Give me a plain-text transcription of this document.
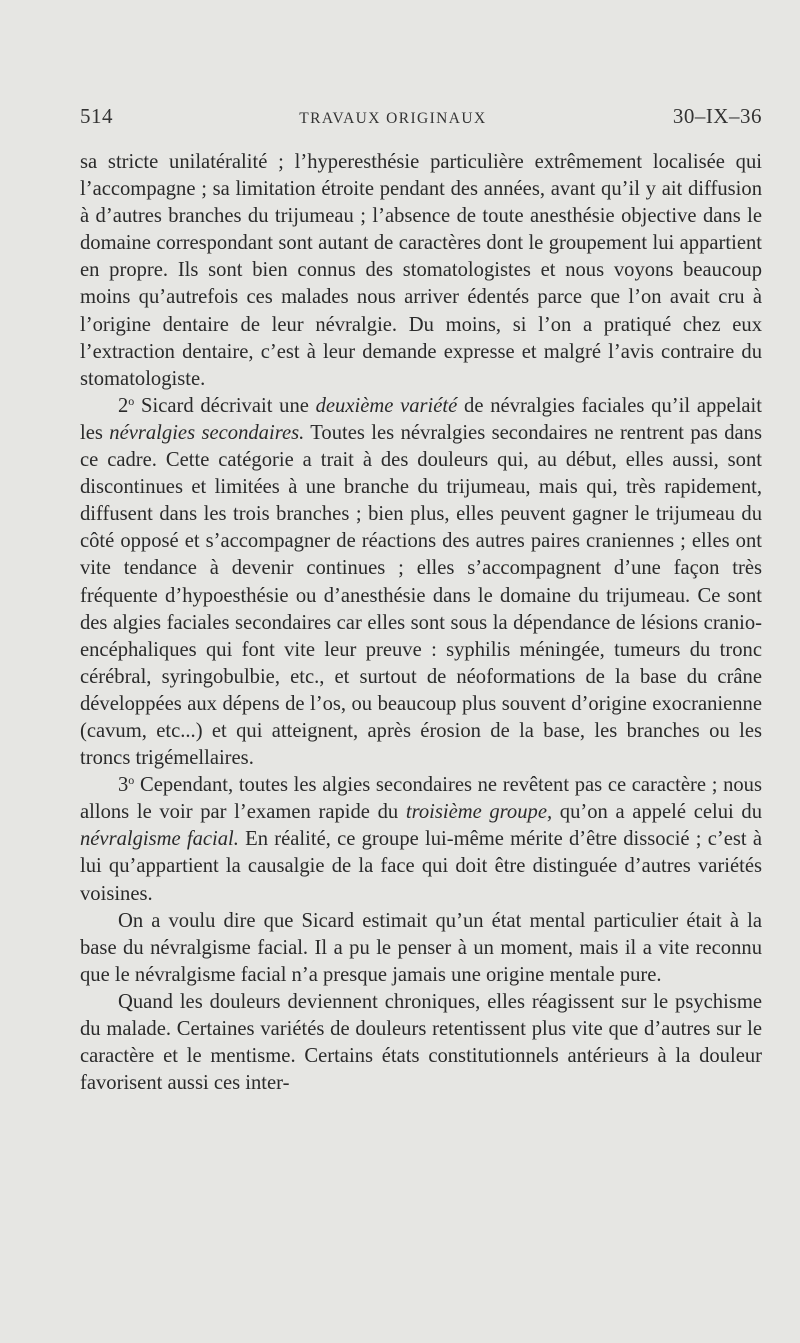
514	TRAVAUX ORIGINAUX	30–IX–36

sa stricte unilatéralité ; l’hyperesthésie particulière extrêmement localisée qui l’accompagne ; sa limitation étroite pendant des années, avant qu’il y ait diffusion à d’autres branches du trijumeau ; l’absence de toute anesthésie objective dans le domaine correspondant sont autant de caractères dont le groupement lui appartient en propre. Ils sont bien connus des stomatologistes et nous voyons beaucoup moins qu’autrefois ces malades nous arriver édentés parce que l’on avait cru à l’origine dentaire de leur névralgie. Du moins, si l’on a pratiqué chez eux l’extraction dentaire, c’est à leur demande expresse et malgré l’avis contraire du stomatologiste.

2$^o$ Sicard décrivait une deuxième variété de névralgies faciales qu’il appelait les névralgies secondaires. Toutes les névralgies secondaires ne rentrent pas dans ce cadre. Cette catégorie a trait à des douleurs qui, au début, elles aussi, sont discontinues et limitées à une branche du trijumeau, mais qui, très rapidement, diffusent dans les trois branches ; bien plus, elles peuvent gagner le trijumeau du côté opposé et s’accompagner de réactions des autres paires craniennes ; elles ont vite tendance à devenir continues ; elles s’accompagnent d’une façon très fréquente d’hypoesthésie ou d’anesthésie dans le domaine du trijumeau. Ce sont des algies faciales secondaires car elles sont sous la dépendance de lésions cranio-encéphaliques qui font vite leur preuve : syphilis méningée, tumeurs du tronc cérébral, syringobulbie, etc., et surtout de néoformations de la base du crâne développées aux dépens de l’os, ou beaucoup plus souvent d’origine exocranienne (cavum, etc...) et qui atteignent, après érosion de la base, les branches ou les troncs trigémellaires.

3$^o$ Cependant, toutes les algies secondaires ne revêtent pas ce caractère ; nous allons le voir par l’examen rapide du troisième groupe, qu’on a appelé celui du névralgisme facial. En réalité, ce groupe lui-même mérite d’être dissocié ; c’est à lui qu’appartient la causalgie de la face qui doit être distinguée d’autres variétés voisines.

On a voulu dire que Sicard estimait qu’un état mental particulier était à la base du névralgisme facial. Il a pu le penser à un moment, mais il a vite reconnu que le névralgisme facial n’a presque jamais une origine mentale pure.

Quand les douleurs deviennent chroniques, elles réagissent sur le psychisme du malade. Certaines variétés de douleurs retentissent plus vite que d’autres sur le caractère et le mentisme. Certains états constitutionnels antérieurs à la douleur favorisent aussi ces inter-
